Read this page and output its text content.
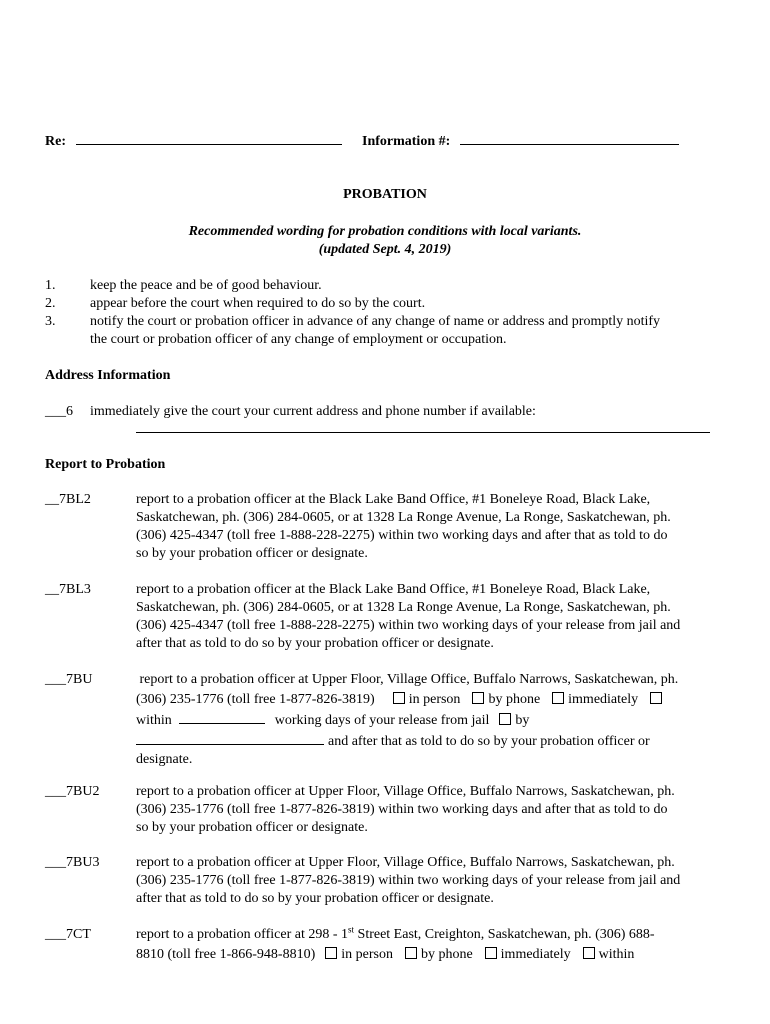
Re:	Information #:
PROBATION
Recommended wording for probation conditions with local variants.
(updated Sept. 4, 2019)
1. keep the peace and be of good behaviour.
2. appear before the court when required to do so by the court.
3. notify the court or probation officer in advance of any change of name or address and promptly notify
the court or probation officer of any change of employment or occupation.
Address Information
___6 immediately give the court your current address and phone number if available:
Report to Probation
__7BL2	report to a probation officer at the Black Lake Band Office, #1 Boneleye Road, Black Lake,
Saskatchewan, ph. (306) 284-0605, or at 1328 La Ronge Avenue, La Ronge, Saskatchewan, ph.
(306) 425-4347 (toll free 1-888-228-2275) within two working days and after that as told to do
so by your probation officer or designate.
__7BL3	report to a probation officer at the Black Lake Band Office, #1 Boneleye Road, Black Lake,
Saskatchewan, ph. (306) 284-0605, or at 1328 La Ronge Avenue, La Ronge, Saskatchewan, ph.
(306) 425-4347 (toll free 1-888-228-2275) within two working days of your release from jail and
after that as told to do so by your probation officer or designate.
___7BU	report to a probation officer at Upper Floor, Village Office, Buffalo Narrows, Saskatchewan, ph.
(306) 235-1776 (toll free 1-877-826-3819) in person by phone immediately
within	working days of your release from jail by
and after that as told to do so by your probation officer or
designate.
___7BU2	report to a probation officer at Upper Floor, Village Office, Buffalo Narrows, Saskatchewan, ph.
(306) 235-1776 (toll free 1-877-826-3819) within two working days and after that as told to do
so by your probation officer or designate.
___7BU3	report to a probation officer at Upper Floor, Village Office, Buffalo Narrows, Saskatchewan, ph.
(306) 235-1776 (toll free 1-877-826-3819) within two working days of your release from jail and
after that as told to do so by your probation officer or designate.
___7CT	report to a probation officer at 298 - 1st Street East, Creighton, Saskatchewan, ph. (306) 688-
8810 (toll free 1-866-948-8810) in person by phone immediately within
